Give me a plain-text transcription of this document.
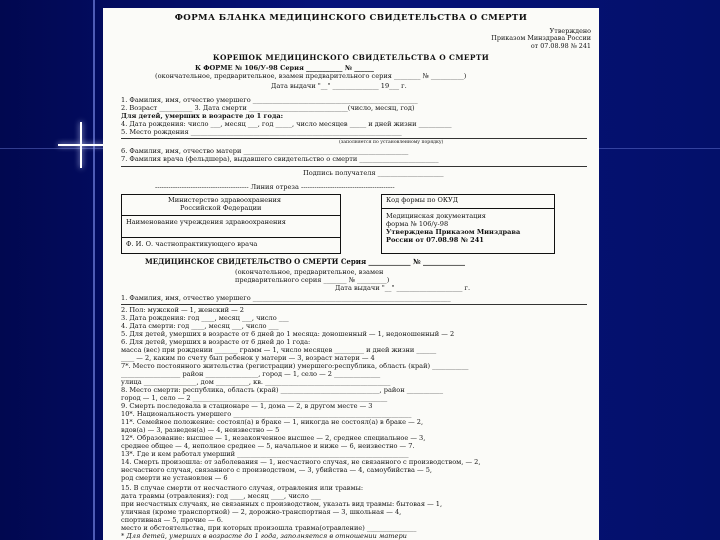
ФОРМА БЛАНКА МЕДИЦИНСКОГО СВИДЕТЕЛЬСТВА О СМЕРТИ
Утверждено
Приказом Минздрава России
от 07.08.98 № 241
КОРЕШОК МЕДИЦИНСКОГО СВИДЕТЕЛЬСТВА О СМЕРТИ
К ФОРМЕ № 106/У-98 Серия ___________ № ______
(окончательное, предварительное, взамен предварительного серия ________ № __________)
Дата выдачи "__" ______________ 19___ г.
1. Фамилия, имя, отчество умершего __________________________________________________
2. Возраст __________ 3. Дата смерти ______________________________(число, месяц, год)
Для детей, умерших в возрасте до 1 года:
4. Дата рождения: число ___, месяц ___, год _____, число месяцев _____ и дней жизни __________
5. Место рождения ________________________________________________________________
(заполняется по установленному порядку)
6. Фамилия, имя, отчество матери __________________________________________________
7. Фамилия врача (фельдшера), выдавшего свидетельство о смерти ________________________
Подпись получателя ____________________
------------------------------------------ Линия отреза ------------------------------------------
Министерство здравоохранения
Российской Федерации
Наименование учреждения здравоохранения
Ф. И. О. частнопрактикующего врача
Код формы по ОКУД
Медицинская документация
форма № 106/у-98
Утверждена Приказом Минздрава
России от 07.08.98 № 241
МЕДИЦИНСКОЕ СВИДЕТЕЛЬСТВО О СМЕРТИ Серия ____________ № ____________
(окончательное, предварительное, взамен
предварительного серия _______ № _________)
Дата выдачи "__" ____________________ г.
1. Фамилия, имя, отчество умершего ____________________________________________________________
2. Пол: мужской — 1, женский — 2
3. Дата рождения: год ____, месяц ___, число ___
4. Дата смерти: год ____, месяц ___, число ___
5. Для детей, умерших в возрасте от 6 дней до 1 месяца: доношенный — 1, недоношенный — 2
6. Для детей, умерших в возрасте от 6 дней до 1 года:
масса (вес) при рождении _______ грамм — 1, число месяцев _________ и дней жизни ______
____ — 2, каким по счету был ребенок у матери — 3, возраст матери — 4
7*. Место постоянного жительства (регистрации) умершего:республика, область (край) ___________
__________________ район ________________, город — 1, село — 2 ______________
улица ________________, дом __________, кв. ______________________________________
8. Место смерти: республика, область (край) ______________________________, район ___________
город — 1, село — 2 ___________________________________________________________
9. Смерть последовала в стационаре — 1, дома — 2, в другом месте — 3
10*. Национальность умершего ______________________________________________________
11*. Семейное положение: состоял(а) в браке — 1, никогда не состоял(а) в браке — 2,
вдов(а) — 3, разведен(а) — 4, неизвестно — 5
12*. Образование: высшее — 1, незаконченное высшее — 2, среднее специальное — 3,
среднее общее — 4, неполное среднее — 5, начальное и ниже — 6, неизвестно — 7.
13*. Где и кем работал умерший ____________________________________________________
14. Смерть произошла: от заболевания — 1, несчастного случая, не связанного с производством, — 2,
несчастного случая, связанного с производством, — 3, убийства — 4, самоубийства — 5,
род смерти не установлен — 6
15. В случае смерти от несчастного случая, отравления или травмы:
дата травмы (отравления): год ____, месяц ____, число ___
при несчастных случаях, не связанных с производством, указать вид травмы: бытовая — 1,
уличная (кроме транспортной) — 2, дорожно-транспортная — 3, школьная — 4,
спортивная — 5, прочие — 6.
место и обстоятельства, при которых произошла травма(отравление) _______________
* Для детей, умерших в возрасте до 1 года, заполняется в отношении матери
